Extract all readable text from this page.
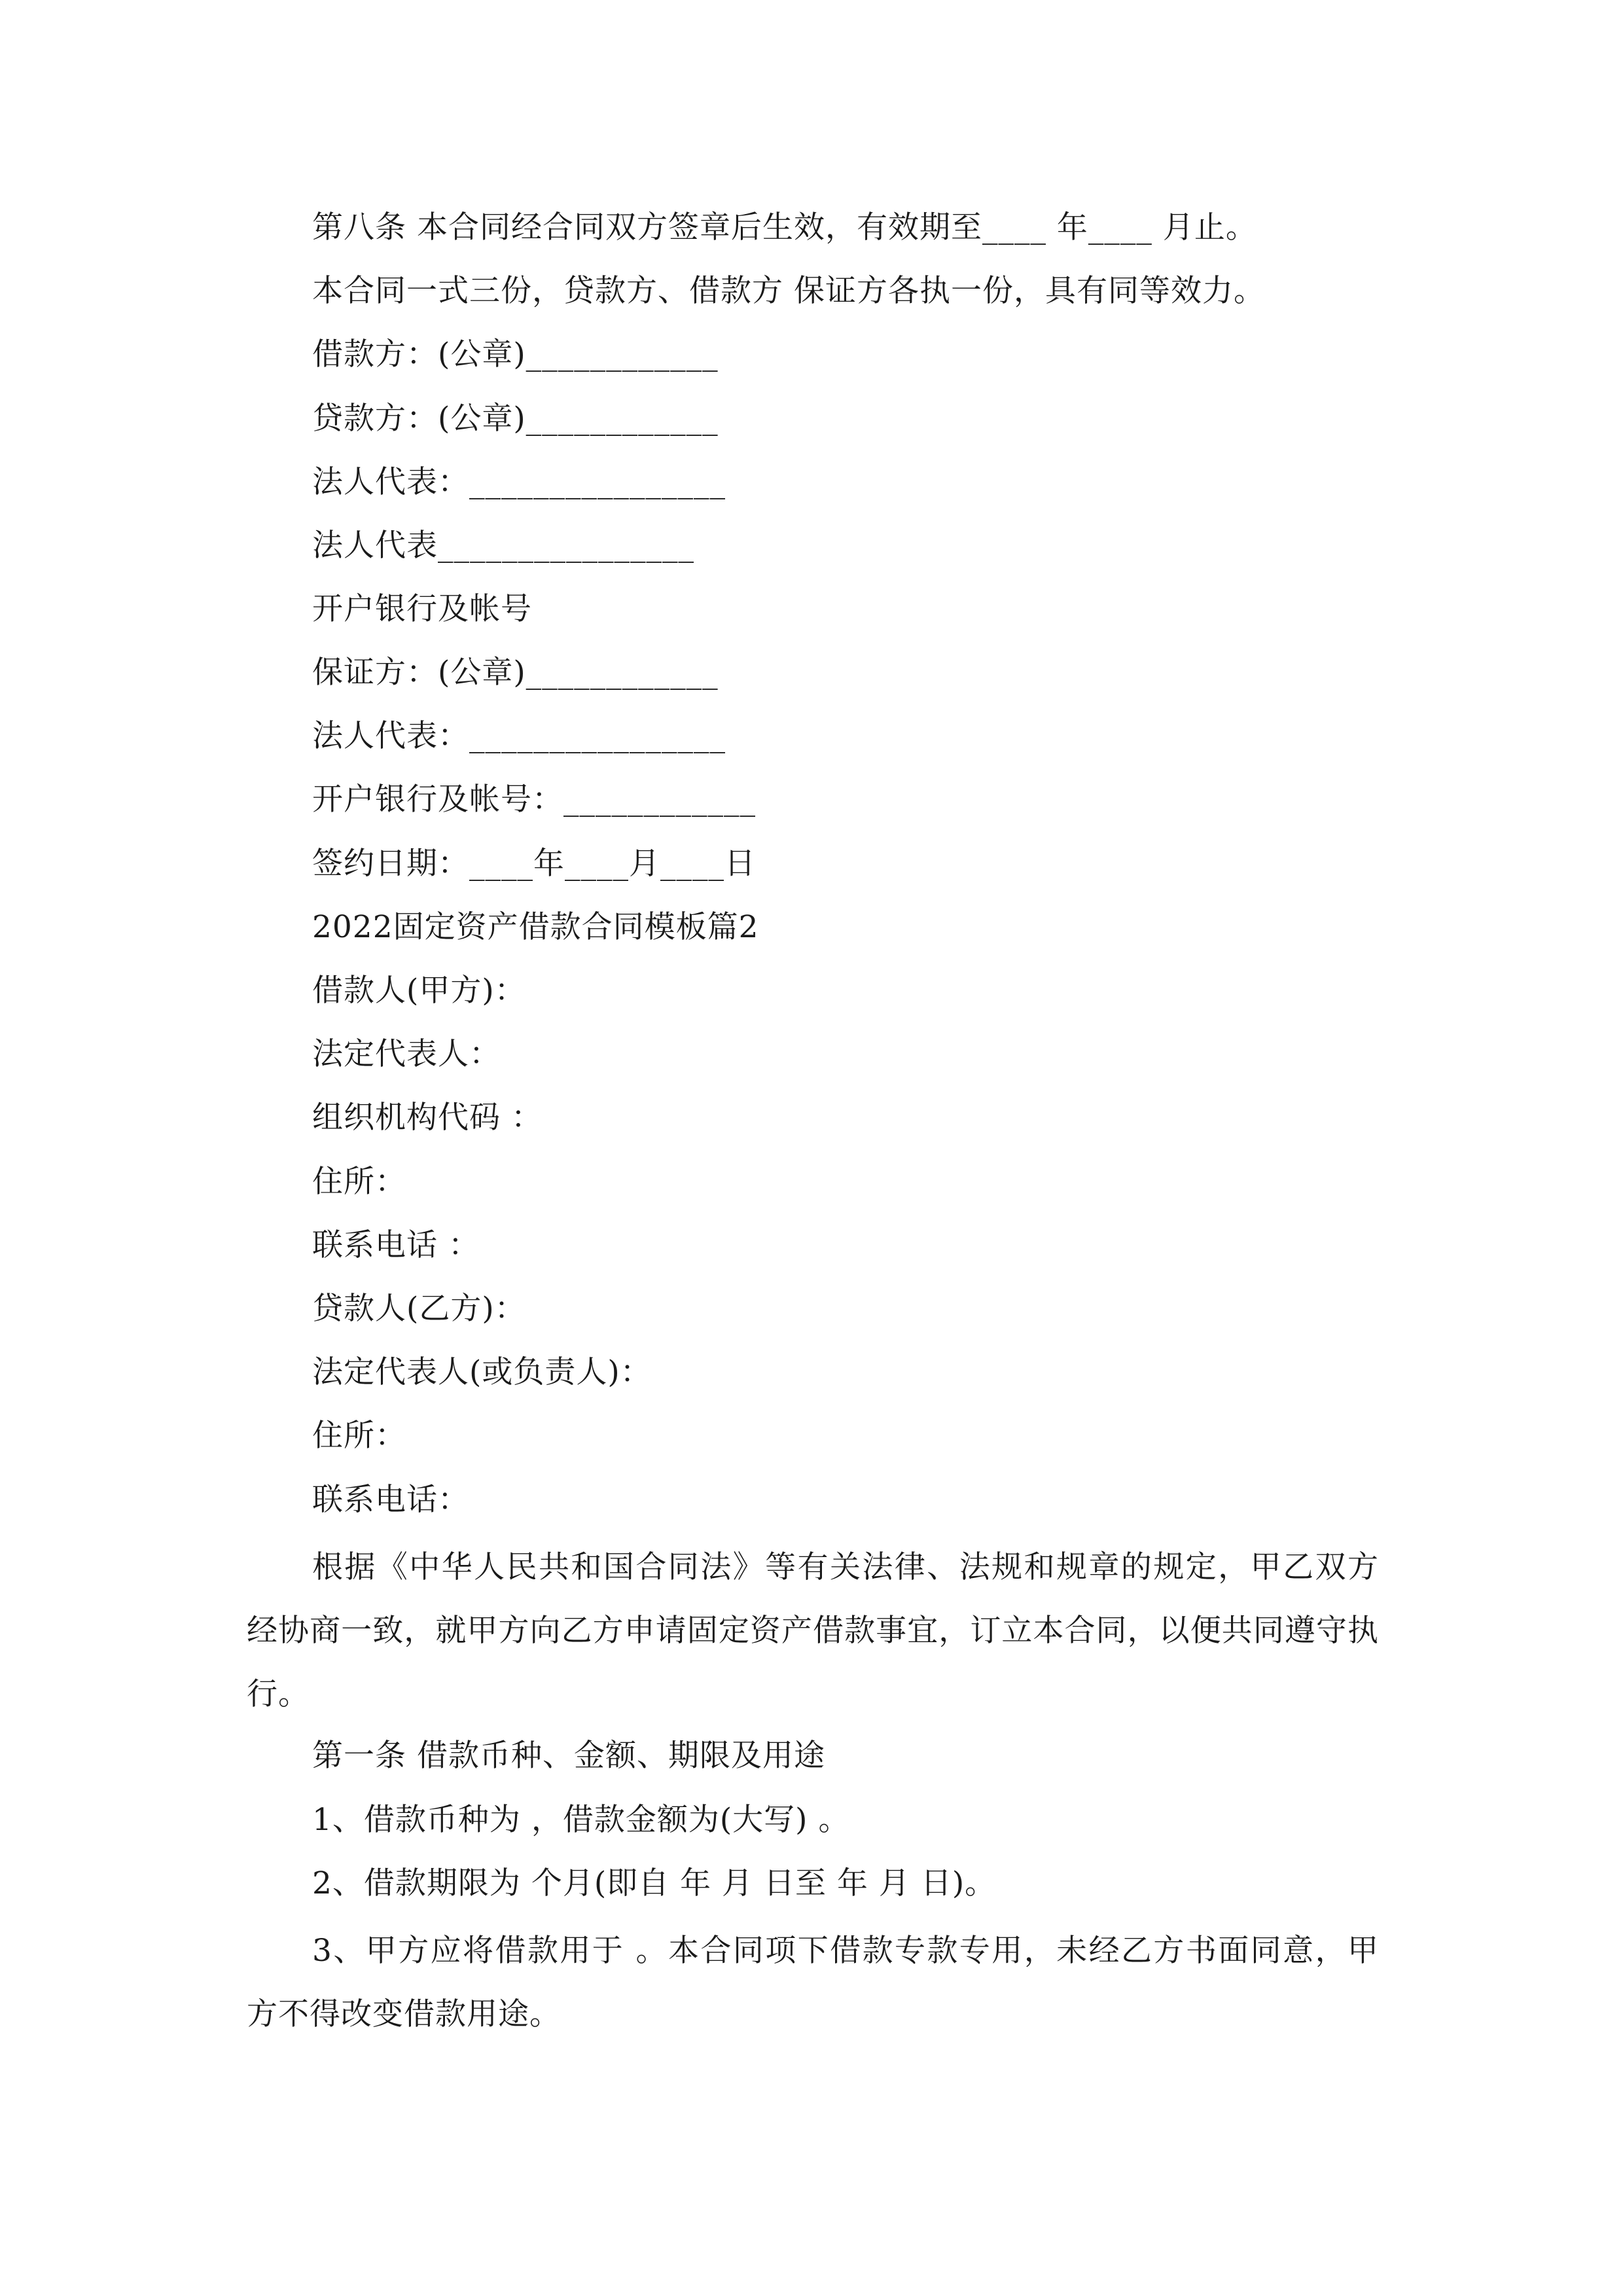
第八条 本合同经合同双方签章后生效，有效期至____ 年____ 月止。
本合同一式三份，贷款方、借款方 保证方各执一份，具有同等效力。
借款方：(公章)____________
贷款方：(公章)____________
法人代表：________________
法人代表________________
开户银行及帐号
保证方：(公章)____________
法人代表：________________
开户银行及帐号：____________
签约日期：____年____月____日
2022固定资产借款合同模板篇2
借款人(甲方)：
法定代表人：
组织机构代码 ：
住所：
联系电话 ：
贷款人(乙方)：
法定代表人(或负责人)：
住所：
联系电话：
根据《中华人民共和国合同法》等有关法律、法规和规章的规定，甲乙双方经协商一致，就甲方向乙方申请固定资产借款事宜，订立本合同，以便共同遵守执行。
第一条 借款币种、金额、期限及用途
1、借款币种为 ，借款金额为(大写) 。
2、借款期限为 个月(即自 年 月 日至 年 月 日)。
3、甲方应将借款用于 。本合同项下借款专款专用，未经乙方书面同意，甲方不得改变借款用途。
